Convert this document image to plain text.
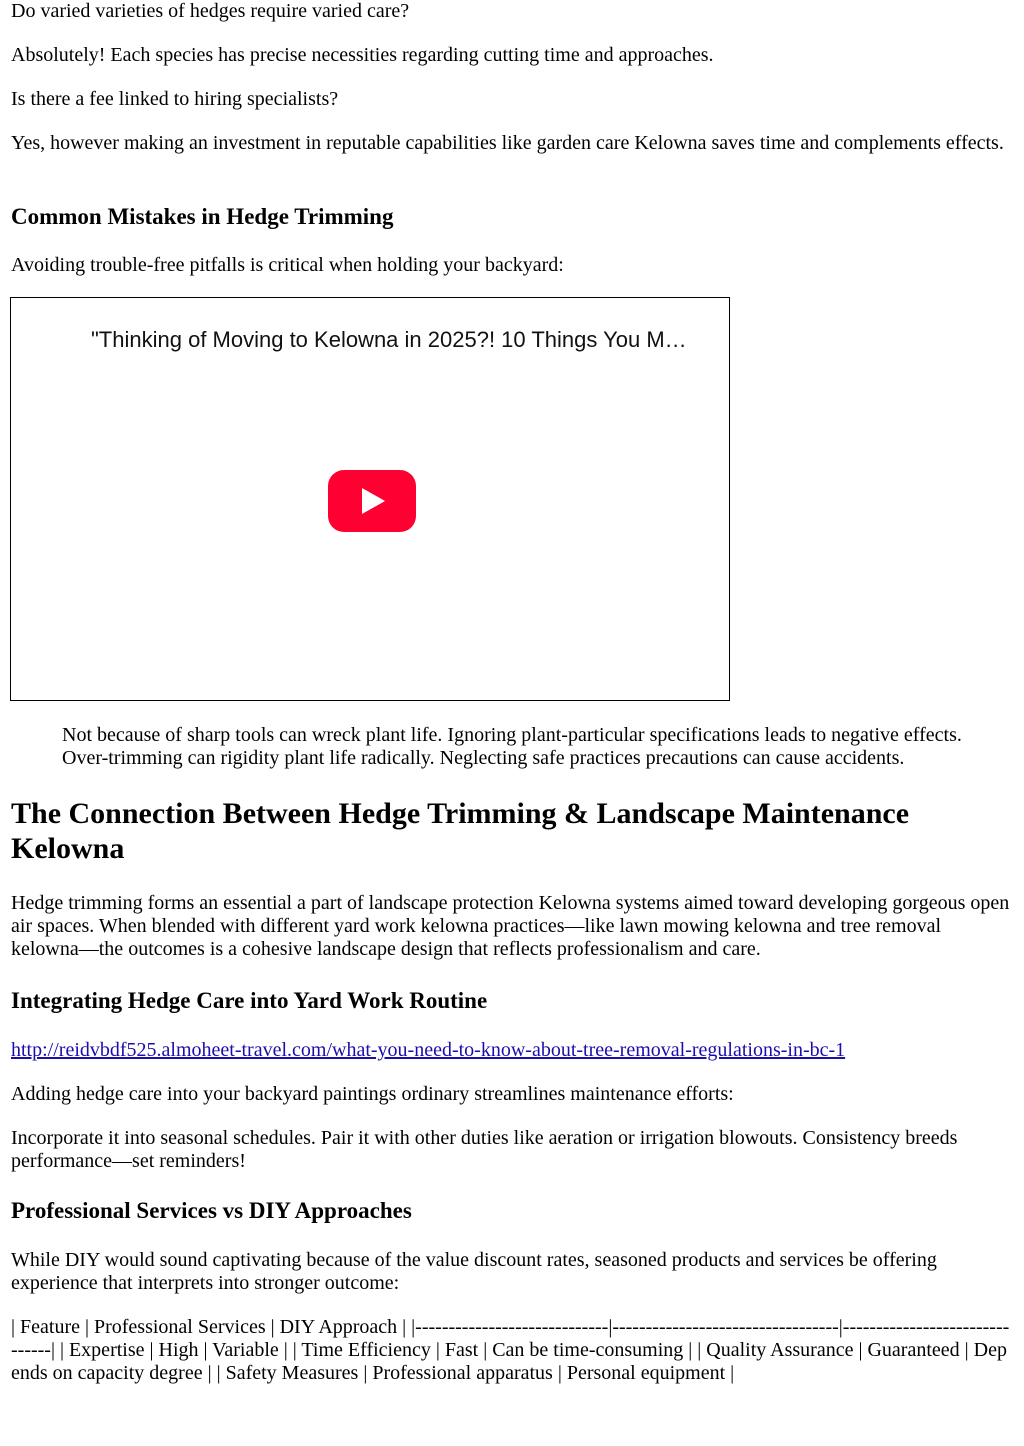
Do varied varieties of hedges require varied care?

Absolutely! Each species has precise necessities regarding cutting time and approaches.

Is there a fee linked to hiring specialists?

Yes, however making an investment in reputable capabilities like garden care Kelowna saves time and complements effects.

Common Mistakes in Hedge Trimming

Avoiding trouble-free pitfalls is critical when holding your backyard:

"Thinking of Moving to Kelowna in 2025?! 10 Things You M…

Not because of sharp tools can wreck plant life. Ignoring plant-particular specifications leads to negative effects. Over-trimming can rigidity plant life radically. Neglecting safe practices precautions can cause accidents.

The Connection Between Hedge Trimming & Landscape Maintenance Kelowna

Hedge trimming forms an essential a part of landscape protection Kelowna systems aimed toward developing gorgeous open air spaces. When blended with different yard work kelowna practices—like lawn mowing kelowna and tree removal kelowna—the outcomes is a cohesive landscape design that reflects professionalism and care.

Integrating Hedge Care into Yard Work Routine

http://reidvbdf525.almoheet-travel.com/what-you-need-to-know-about-tree-removal-regulations-in-bc-1

Adding hedge care into your backyard paintings ordinary streamlines maintenance efforts:

Incorporate it into seasonal schedules. Pair it with other duties like aeration or irrigation blowouts. Consistency breeds performance—set reminders!

Professional Services vs DIY Approaches

While DIY would sound captivating because of the value discount rates, seasoned products and services be offering experience that interprets into stronger outcome:

| Feature | Professional Services | DIY Approach | |-----------------------------|----------------------------------|-------------------------------| | Expertise | High | Variable | | Time Efficiency | Fast | Can be time-consuming | | Quality Assurance | Guaranteed | Depends on capacity degree | | Safety Measures | Professional apparatus | Personal equipment |
